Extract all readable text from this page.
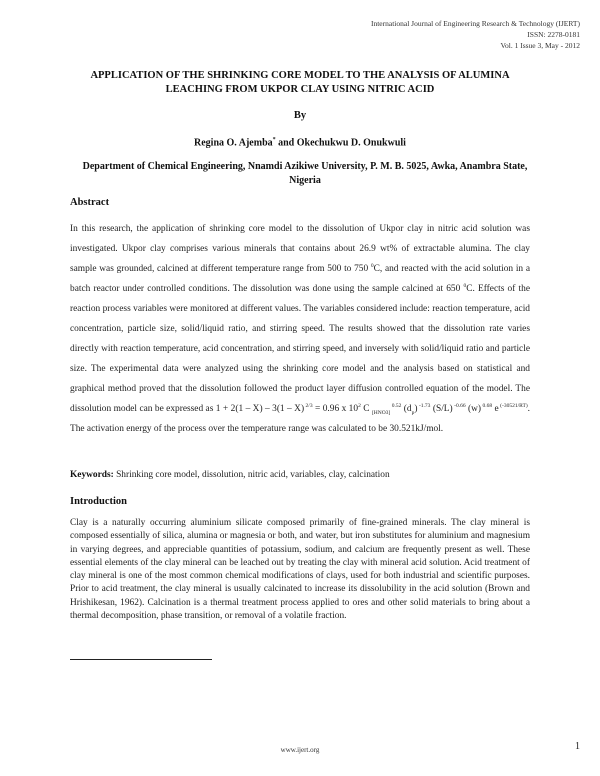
International Journal of Engineering Research & Technology (IJERT)
ISSN: 2278-0181
Vol. 1 Issue 3, May - 2012
APPLICATION OF THE SHRINKING CORE MODEL TO THE ANALYSIS OF ALUMINA
LEACHING FROM UKPOR CLAY USING NITRIC ACID
By
Regina O. Ajemba* and Okechukwu D. Onukwuli
Department of Chemical Engineering, Nnamdi Azikiwe University, P. M. B. 5025, Awka, Anambra State, Nigeria
Abstract

In this research, the application of shrinking core model to the dissolution of Ukpor clay in nitric acid solution was investigated. Ukpor clay comprises various minerals that contains about 26.9 wt% of extractable alumina. The clay sample was grounded, calcined at different temperature range from 500 to 750 $^0$C, and reacted with the acid solution in a batch reactor under controlled conditions. The dissolution was done using the sample calcined at 650 $^0$C. Effects of the reaction process variables were monitored at different values. The variables considered include: reaction temperature, acid concentration, particle size, solid/liquid ratio, and stirring speed. The results showed that the dissolution rate varies directly with reaction temperature, acid concentration, and stirring speed, and inversely with solid/liquid ratio and particle size. The experimental data were analyzed using the shrinking core model and the analysis based on statistical and graphical method proved that the dissolution followed the product layer diffusion controlled equation of the model. The dissolution model can be expressed as 1 + 2(1 – X) – 3(1 – X) $^{2/3}$ = 0.96 x $10^2$ C $_{[HNO3]}$ $^{0.52}$ $(d_p)$ $^{-1.73}$ (S/L) $^{-0.66}$ (w) $^{0.68}$ e $^{(-30521/RT)}$. The activation energy of the process over the temperature range was calculated to be 30.521kJ/mol.

Keywords: Shrinking core model, dissolution, nitric acid, variables, clay, calcination
Introduction

Clay is a naturally occurring aluminium silicate composed primarily of fine-grained minerals. The clay mineral is composed essentially of silica, alumina or magnesia or both, and water, but iron substitutes for aluminium and magnesium in varying degrees, and appreciable quantities of potassium, sodium, and calcium are frequently present as well. These essential elements of the clay mineral can be leached out by treating the clay with mineral acid solution. Acid treatment of clay mineral is one of the most common chemical modifications of clays, used for both industrial and scientific purposes. Prior to acid treatment, the clay mineral is usually calcinated to increase its dissolubility in the acid solution (Brown and Hrishikesan, 1962). Calcination is a thermal treatment process applied to ores and other solid materials to bring about a thermal decomposition, phase transition, or removal of a volatile fraction.

www.ijert.org	1
